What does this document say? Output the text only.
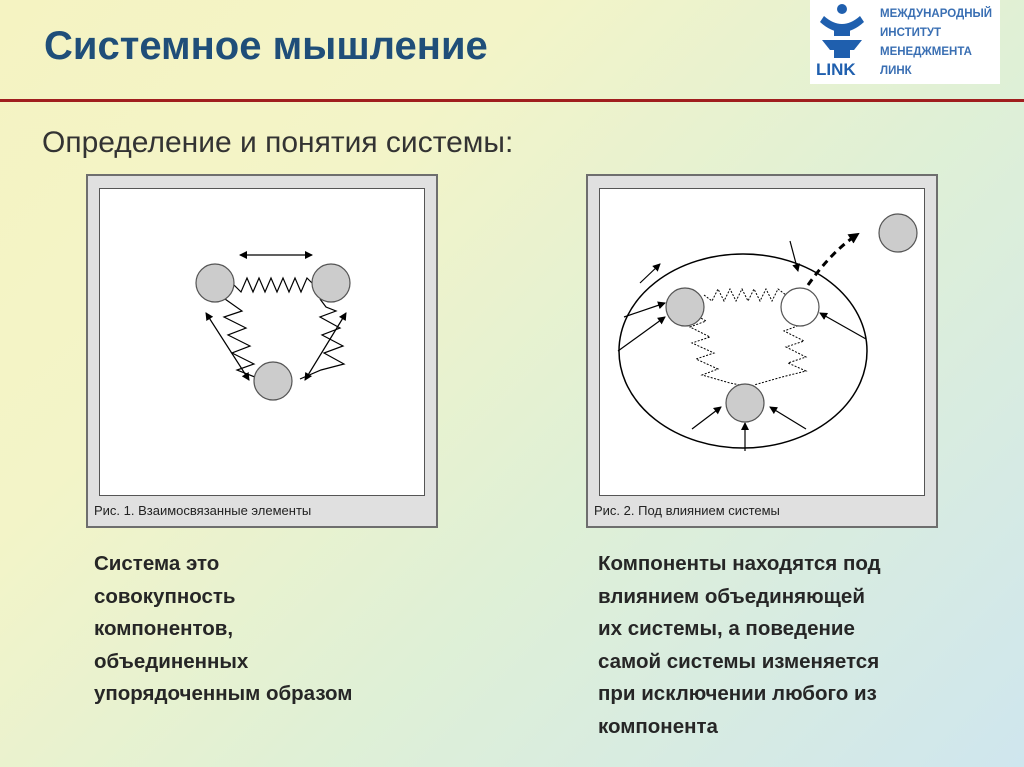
Системное мышление
LINK
МЕЖДУНАРОДНЫЙ
ИНСТИТУТ
МЕНЕДЖМЕНТА
ЛИНК
Определение и понятия системы:
Рис. 1. Взаимосвязанные элементы	Рис. 2. Под влиянием системы
Система это
совокупность
компонентов,
объединенных
упорядоченным образом
Компоненты находятся под
влиянием объединяющей
их системы, а поведение
самой системы изменяется
при исключении любого из
компонента
